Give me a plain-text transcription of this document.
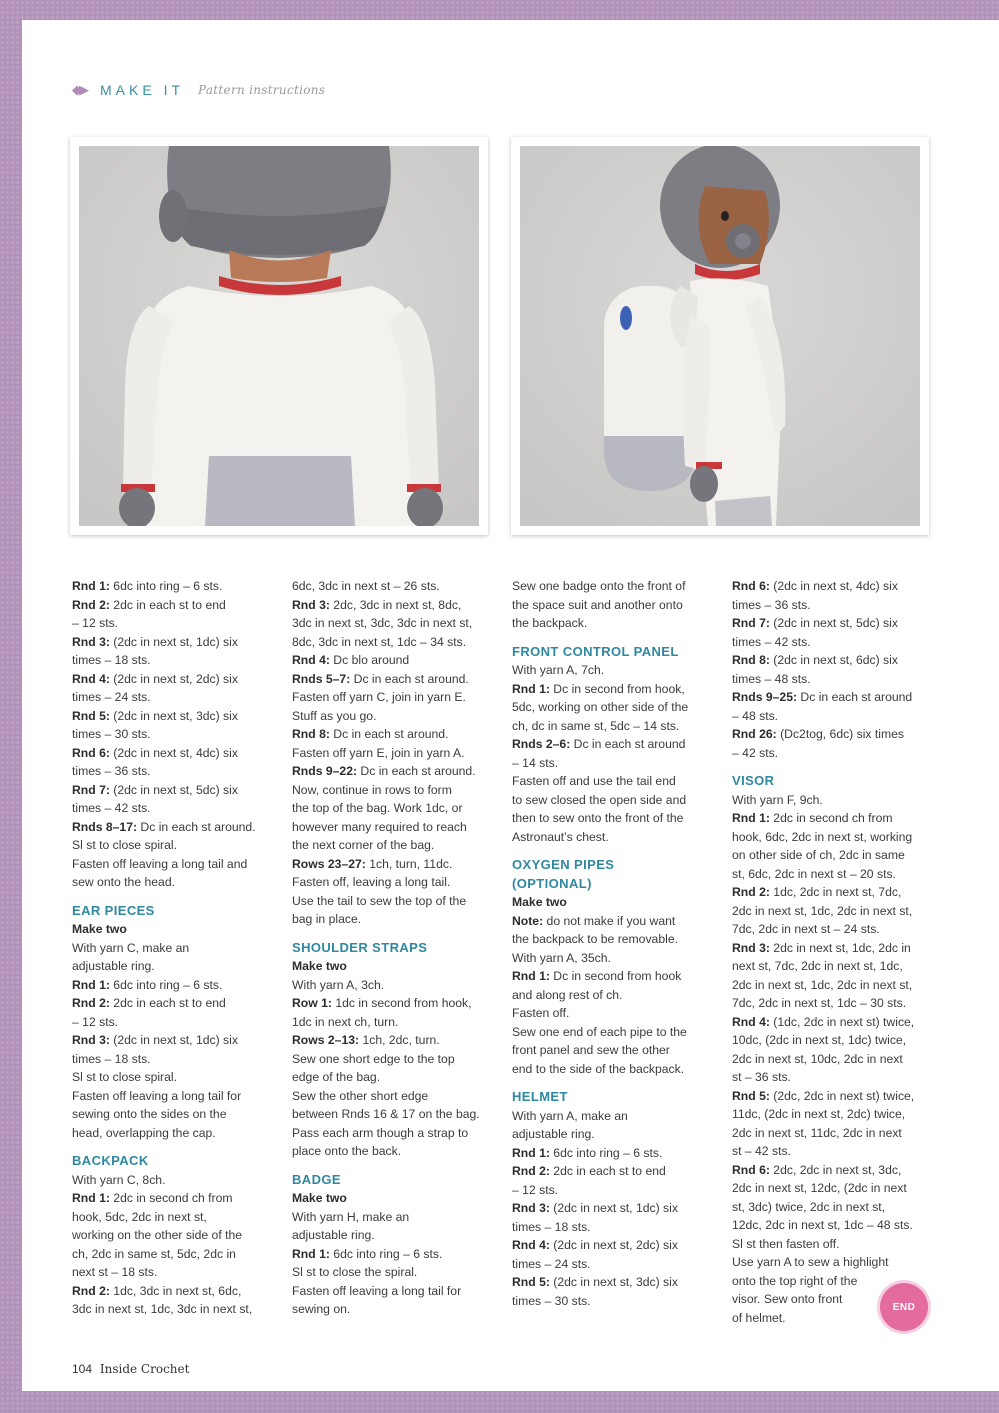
◆▶ MAKE IT Pattern instructions
Rnd 1: 6dc into ring – 6 sts.
Rnd 2: 2dc in each st to end
– 12 sts.
Rnd 3: (2dc in next st, 1dc) six
times – 18 sts.
Rnd 4: (2dc in next st, 2dc) six
times – 24 sts.
Rnd 5: (2dc in next st, 3dc) six
times – 30 sts.
Rnd 6: (2dc in next st, 4dc) six
times – 36 sts.
Rnd 7: (2dc in next st, 5dc) six
times – 42 sts.
Rnds 8–17: Dc in each st around.
Sl st to close spiral.
Fasten off leaving a long tail and
sew onto the head.
EAR PIECES
Make two
With yarn C, make an
adjustable ring.
Rnd 1: 6dc into ring – 6 sts.
Rnd 2: 2dc in each st to end
– 12 sts.
Rnd 3: (2dc in next st, 1dc) six
times – 18 sts.
Sl st to close spiral.
Fasten off leaving a long tail for
sewing onto the sides on the
head, overlapping the cap.
BACKPACK
With yarn C, 8ch.
Rnd 1: 2dc in second ch from
hook, 5dc, 2dc in next st,
working on the other side of the
ch, 2dc in same st, 5dc, 2dc in
next st – 18 sts.
Rnd 2: 1dc, 3dc in next st, 6dc,
3dc in next st, 1dc, 3dc in next st,
6dc, 3dc in next st – 26 sts.
Rnd 3: 2dc, 3dc in next st, 8dc,
3dc in next st, 3dc, 3dc in next st,
8dc, 3dc in next st, 1dc – 34 sts.
Rnd 4: Dc blo around
Rnds 5–7: Dc in each st around.
Fasten off yarn C, join in yarn E.
Stuff as you go.
Rnd 8: Dc in each st around.
Fasten off yarn E, join in yarn A.
Rnds 9–22: Dc in each st around.
Now, continue in rows to form
the top of the bag. Work 1dc, or
however many required to reach
the next corner of the bag.
Rows 23–27: 1ch, turn, 11dc.
Fasten off, leaving a long tail.
Use the tail to sew the top of the
bag in place.
SHOULDER STRAPS
Make two
With yarn A, 3ch.
Row 1: 1dc in second from hook,
1dc in next ch, turn.
Rows 2–13: 1ch, 2dc, turn.
Sew one short edge to the top
edge of the bag.
Sew the other short edge
between Rnds 16 & 17 on the bag.
Pass each arm though a strap to
place onto the back.
BADGE
Make two
With yarn H, make an
adjustable ring.
Rnd 1: 6dc into ring – 6 sts.
Sl st to close the spiral.
Fasten off leaving a long tail for
sewing on.
Sew one badge onto the front of
the space suit and another onto
the backpack.
FRONT CONTROL PANEL
With yarn A, 7ch.
Rnd 1: Dc in second from hook,
5dc, working on other side of the
ch, dc in same st, 5dc – 14 sts.
Rnds 2–6: Dc in each st around
– 14 sts.
Fasten off and use the tail end
to sew closed the open side and
then to sew onto the front of the
Astronaut’s chest.
OXYGEN PIPES
(OPTIONAL)
Make two
Note: do not make if you want
the backpack to be removable.
With yarn A, 35ch.
Rnd 1: Dc in second from hook
and along rest of ch.
Fasten off.
Sew one end of each pipe to the
front panel and sew the other
end to the side of the backpack.
HELMET
With yarn A, make an
adjustable ring.
Rnd 1: 6dc into ring – 6 sts.
Rnd 2: 2dc in each st to end
– 12 sts.
Rnd 3: (2dc in next st, 1dc) six
times – 18 sts.
Rnd 4: (2dc in next st, 2dc) six
times – 24 sts.
Rnd 5: (2dc in next st, 3dc) six
times – 30 sts.
Rnd 6: (2dc in next st, 4dc) six
times – 36 sts.
Rnd 7: (2dc in next st, 5dc) six
times – 42 sts.
Rnd 8: (2dc in next st, 6dc) six
times – 48 sts.
Rnds 9–25: Dc in each st around
– 48 sts.
Rnd 26: (Dc2tog, 6dc) six times
– 42 sts.
VISOR
With yarn F, 9ch.
Rnd 1: 2dc in second ch from
hook, 6dc, 2dc in next st, working
on other side of ch, 2dc in same
st, 6dc, 2dc in next st – 20 sts.
Rnd 2: 1dc, 2dc in next st, 7dc,
2dc in next st, 1dc, 2dc in next st,
7dc, 2dc in next st – 24 sts.
Rnd 3: 2dc in next st, 1dc, 2dc in
next st, 7dc, 2dc in next st, 1dc,
2dc in next st, 1dc, 2dc in next st,
7dc, 2dc in next st, 1dc – 30 sts.
Rnd 4: (1dc, 2dc in next st) twice,
10dc, (2dc in next st, 1dc) twice,
2dc in next st, 10dc, 2dc in next
st – 36 sts.
Rnd 5: (2dc, 2dc in next st) twice,
11dc, (2dc in next st, 2dc) twice,
2dc in next st, 11dc, 2dc in next
st – 42 sts.
Rnd 6: 2dc, 2dc in next st, 3dc,
2dc in next st, 12dc, (2dc in next
st, 3dc) twice, 2dc in next st,
12dc, 2dc in next st, 1dc – 48 sts.
Sl st then fasten off.
Use yarn A to sew a highlight
onto the top right of the
visor. Sew onto front
of helmet.
END
104 Inside Crochet
